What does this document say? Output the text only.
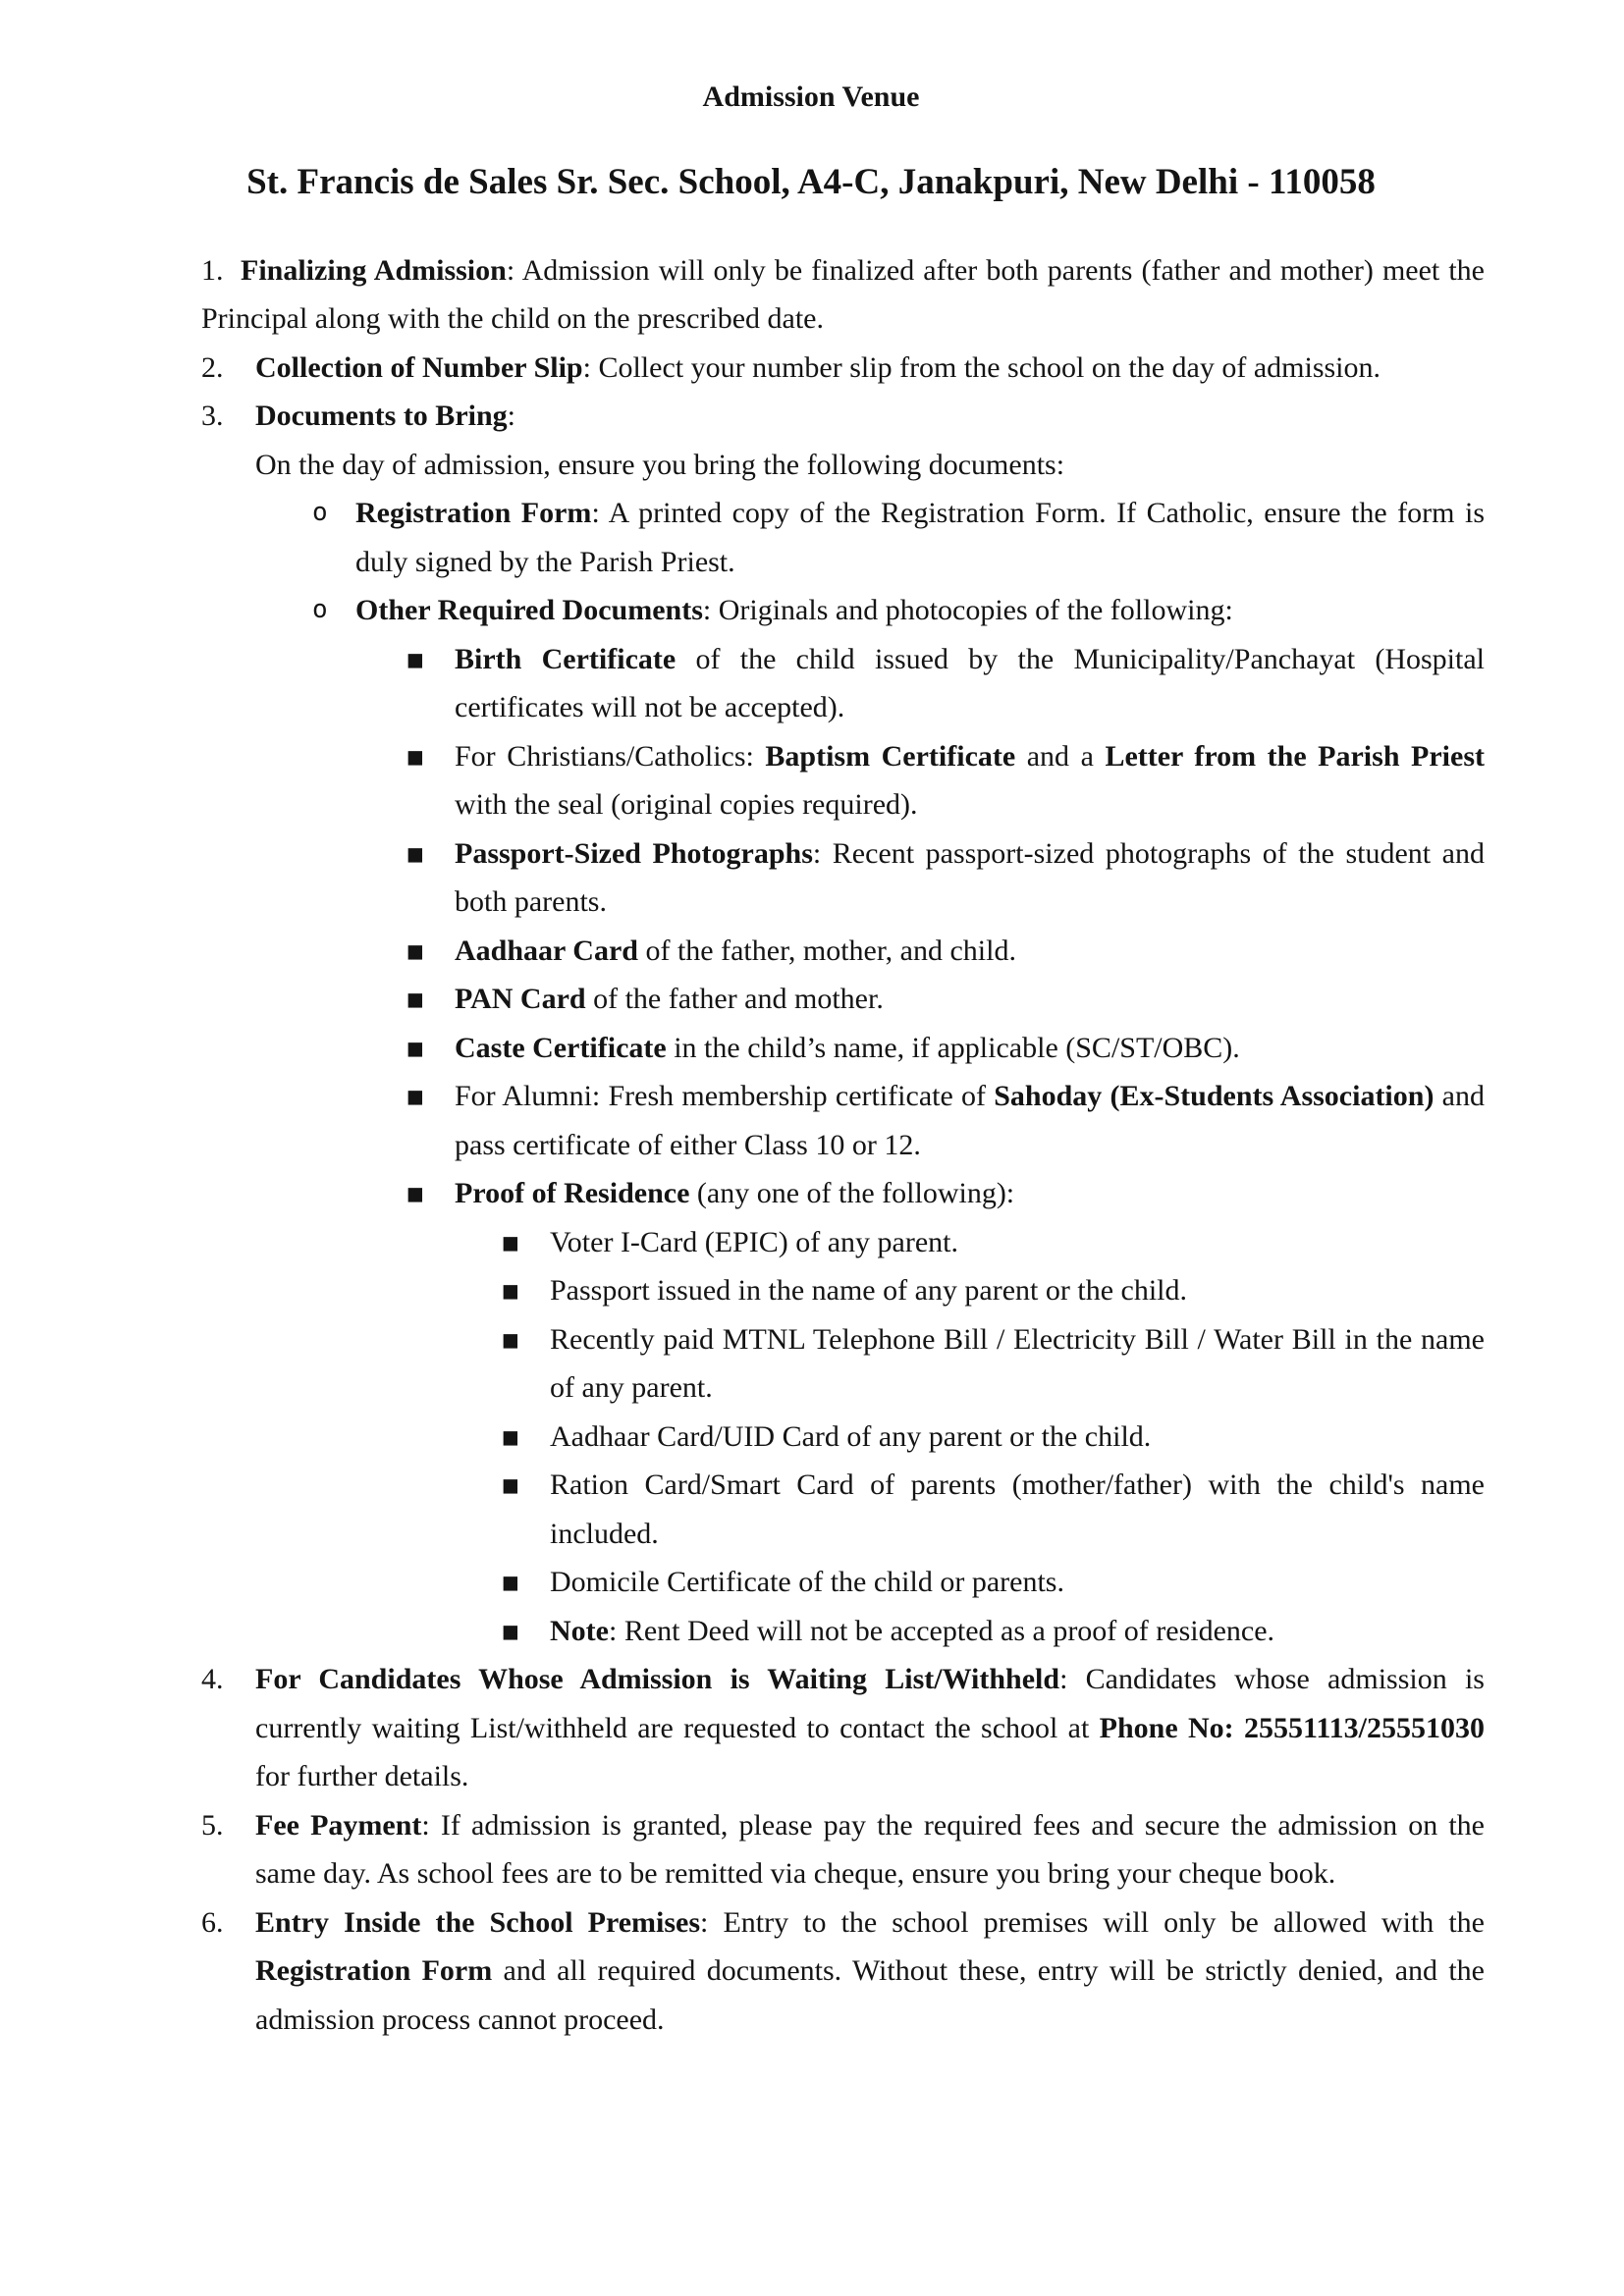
Admission Venue
St. Francis de Sales Sr. Sec. School, A4-C, Janakpuri, New Delhi - 110058
1. Finalizing Admission: Admission will only be finalized after both parents (father and mother) meet the Principal along with the child on the prescribed date.
2. Collection of Number Slip: Collect your number slip from the school on the day of admission.
3. Documents to Bring:
On the day of admission, ensure you bring the following documents:
o Registration Form: A printed copy of the Registration Form. If Catholic, ensure the form is duly signed by the Parish Priest.
o Other Required Documents: Originals and photocopies of the following:
▪ Birth Certificate of the child issued by the Municipality/Panchayat (Hospital certificates will not be accepted).
▪ For Christians/Catholics: Baptism Certificate and a Letter from the Parish Priest with the seal (original copies required).
▪ Passport-Sized Photographs: Recent passport-sized photographs of the student and both parents.
▪ Aadhaar Card of the father, mother, and child.
▪ PAN Card of the father and mother.
▪ Caste Certificate in the child’s name, if applicable (SC/ST/OBC).
▪ For Alumni: Fresh membership certificate of Sahoday (Ex-Students Association) and pass certificate of either Class 10 or 12.
▪ Proof of Residence (any one of the following):
▪ Voter I-Card (EPIC) of any parent.
▪ Passport issued in the name of any parent or the child.
▪ Recently paid MTNL Telephone Bill / Electricity Bill / Water Bill in the name of any parent.
▪ Aadhaar Card/UID Card of any parent or the child.
▪ Ration Card/Smart Card of parents (mother/father) with the child's name included.
▪ Domicile Certificate of the child or parents.
▪ Note: Rent Deed will not be accepted as a proof of residence.
4. For Candidates Whose Admission is Waiting List/Withheld: Candidates whose admission is currently waiting List/withheld are requested to contact the school at Phone No: 25551113/25551030 for further details.
5. Fee Payment: If admission is granted, please pay the required fees and secure the admission on the same day. As school fees are to be remitted via cheque, ensure you bring your cheque book.
6. Entry Inside the School Premises: Entry to the school premises will only be allowed with the Registration Form and all required documents. Without these, entry will be strictly denied, and the admission process cannot proceed.
